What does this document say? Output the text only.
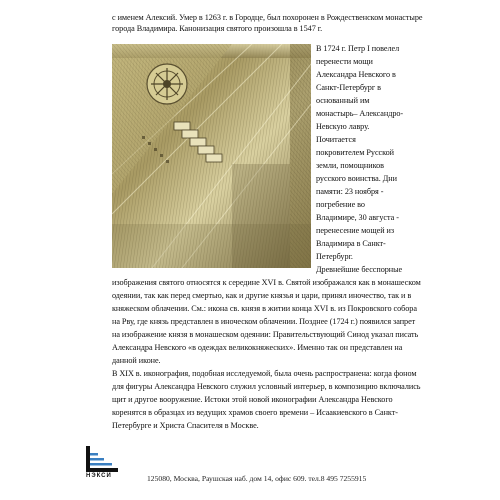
с именем Алексий. Умер в 1263 г. в Городце, был похоронен в Рождественском монастыре
города Владимира. Канонизация святого произошла в 1547 г.
В 1724 г. Петр I повелел
перенести мощи
Александра Невского в
Санкт-Петербург в
основанный им
монастырь– Александро-
Невскую лавру.
Почитается
покровителем Русской
земли, помощников
русского воинства. Дни
памяти: 23 ноября -
погребение во
Владимире, 30 августа -
перенесение мощей из
Владимира в Санкт-
Петербург.
Древнейшие бесспорные
изображения святого относятся к середине XVI в. Святой изображался как в монашеском
одеянии, так как перед смертью, как и другие князья и цари, принял иночество, так и в
княжеском облачении. См.: икона св. князя в житии конца XVI в. из Покровского собора
на Рву, где князь представлен в иноческом облачении. Позднее (1724 г.) появился запрет
на изображение князя в монашеском одеянии: Правительствующий Синод указал писать
Александра Невского «в одеждах великокняжеских». Именно так он представлен на
данной иконе.
В XIX в. иконография, подобная исследуемой, была очень распространена: когда фоном
для фигуры Александра Невского служил условный интерьер, в композицию включались
щит и другое вооружение. Истоки этой новой иконографии Александра Невского
коренятся в образцах из ведущих храмов своего времени – Исаакиевского в Санкт-
Петербурге и Христа Спасителя в Москве.
НЭКСИ	125080, Москва, Раушская наб. дом 14, офис 609. тел.8 495 7255915
